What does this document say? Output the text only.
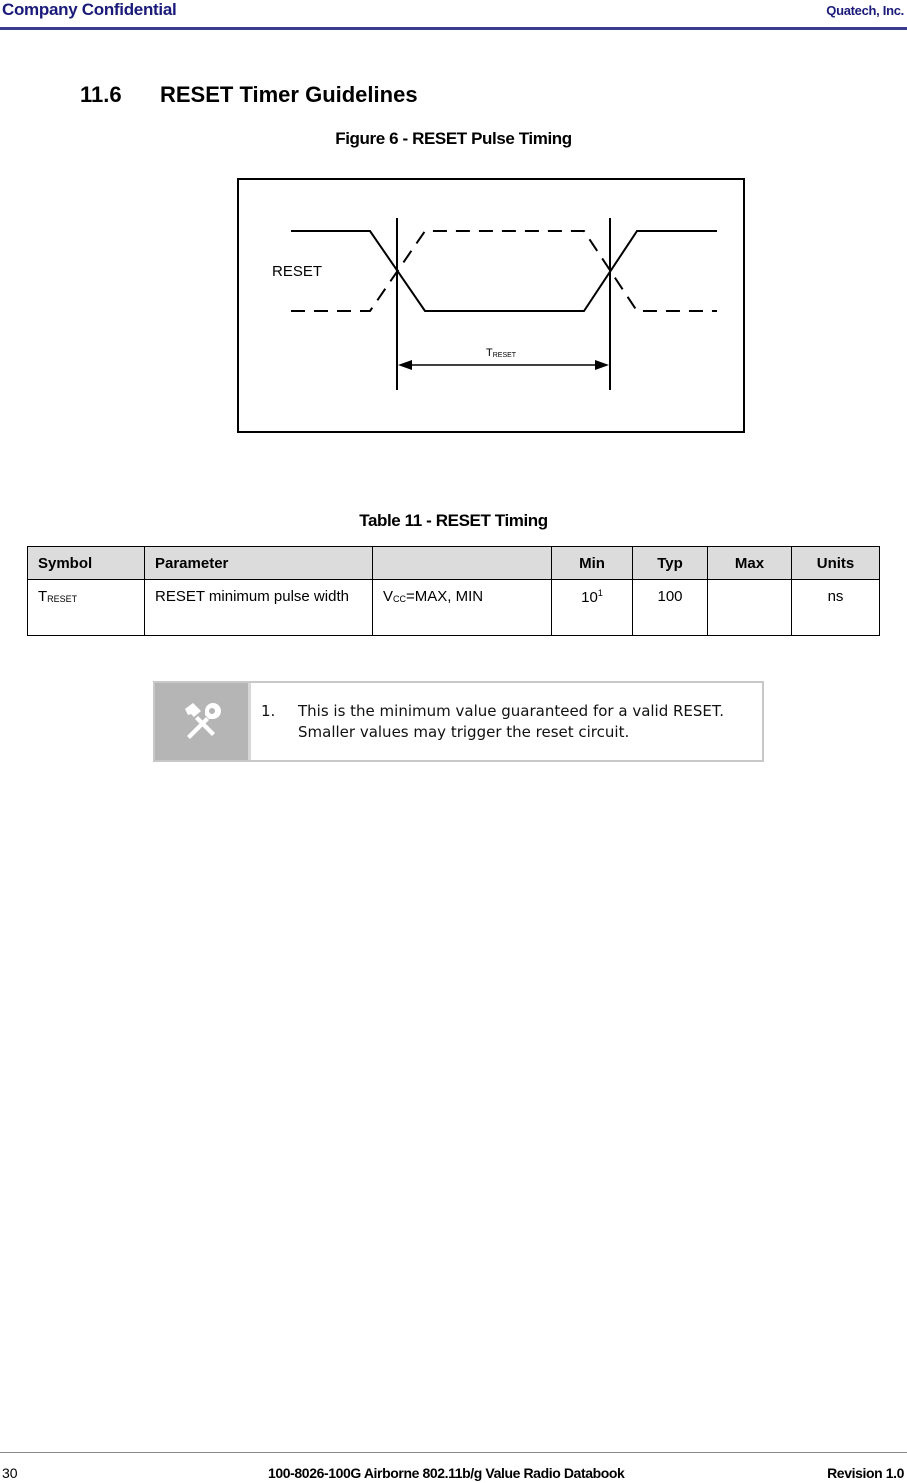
Company Confidential	Quatech, Inc.
11.6 RESET Timer Guidelines
Figure 6 - RESET Pulse Timing
RESET
TRESET
Table 11 - RESET Timing
Symbol	Parameter		Min	Typ	Max	Units
$T_{RESET}$	RESET minimum pulse width	$V_{CC}=MAX$, MIN	$10^1$	100		ns
1. This is the minimum value guaranteed for a valid RESET. Smaller values may trigger the reset circuit.
30	100-8026-100G Airborne 802.11b/g Value Radio Databook	Revision 1.0
